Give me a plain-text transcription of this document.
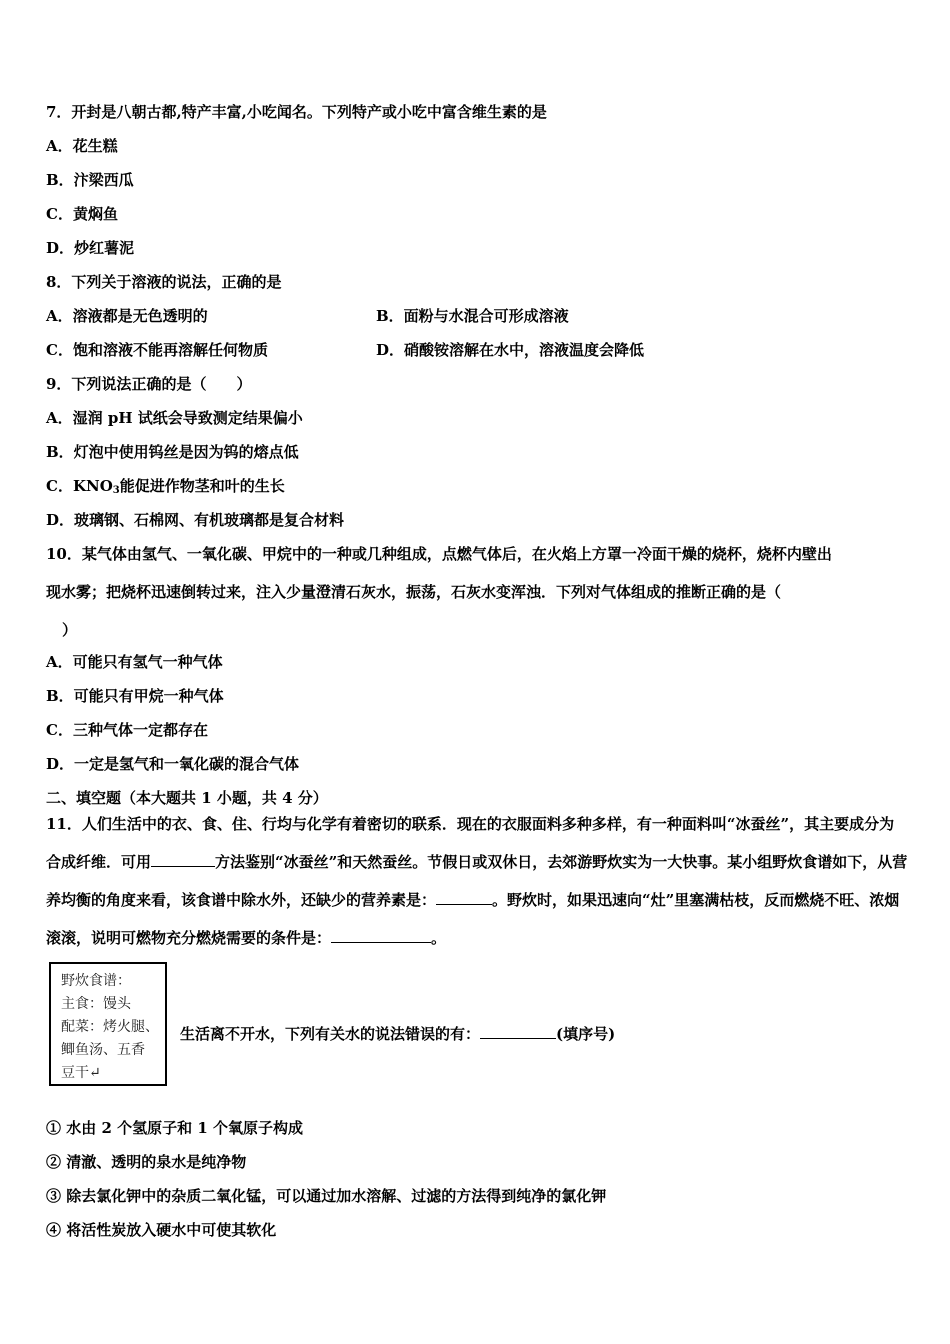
7．开封是八朝古都,特产丰富,小吃闻名。下列特产或小吃中富含维生素的是
A．花生糕
B．汴梁西瓜
C．黄焖鱼
D．炒红薯泥
8．下列关于溶液的说法，正确的是
A．溶液都是无色透明的	B．面粉与水混合可形成溶液
C．饱和溶液不能再溶解任何物质	D．硝酸铵溶解在水中，溶液温度会降低
9．下列说法正确的是（　　）
A．湿润 pH 试纸会导致测定结果偏小
B．灯泡中使用钨丝是因为钨的熔点低
C．$KNO_3$能促进作物茎和叶的生长
D．玻璃钢、石棉网、有机玻璃都是复合材料
10．某气体由氢气、一氧化碳、甲烷中的一种或几种组成，点燃气体后，在火焰上方罩一冷面干燥的烧杯，烧杯内壁出
现水雾；把烧杯迅速倒转过来，注入少量澄清石灰水，振荡，石灰水变浑浊．下列对气体组成的推断正确的是（
）
A．可能只有氢气一种气体
B．可能只有甲烷一种气体
C．三种气体一定都存在
D．一定是氢气和一氧化碳的混合气体
二、填空题（本大题共 1 小题，共 4 分）
11．人们生活中的衣、食、住、行均与化学有着密切的联系．现在的衣服面料多种多样，有一种面料叫“冰蚕丝”，其主要成分为合成纤维．可用	方法鉴别“冰蚕丝”和天然蚕丝。节假日或双休日，去郊游野炊实为一大快事。某小组野炊食谱如下，从营养均衡的角度来看，该食谱中除水外，还缺少的营养素是：	。野炊时，如果迅速向“灶”里塞满枯枝，反而燃烧不旺、浓烟滚滚，说明可燃物充分燃烧需要的条件是：	。
野炊食谱：
主食：馒头
配菜：烤火腿、
鲫鱼汤、五香
豆干↵
生活离不开水，下列有关水的说法错误的有：	(填序号)
① 水由 2 个氢原子和 1 个氧原子构成
② 清澈、透明的泉水是纯净物
③ 除去氯化钾中的杂质二氧化锰，可以通过加水溶解、过滤的方法得到纯净的氯化钾
④ 将活性炭放入硬水中可使其软化
